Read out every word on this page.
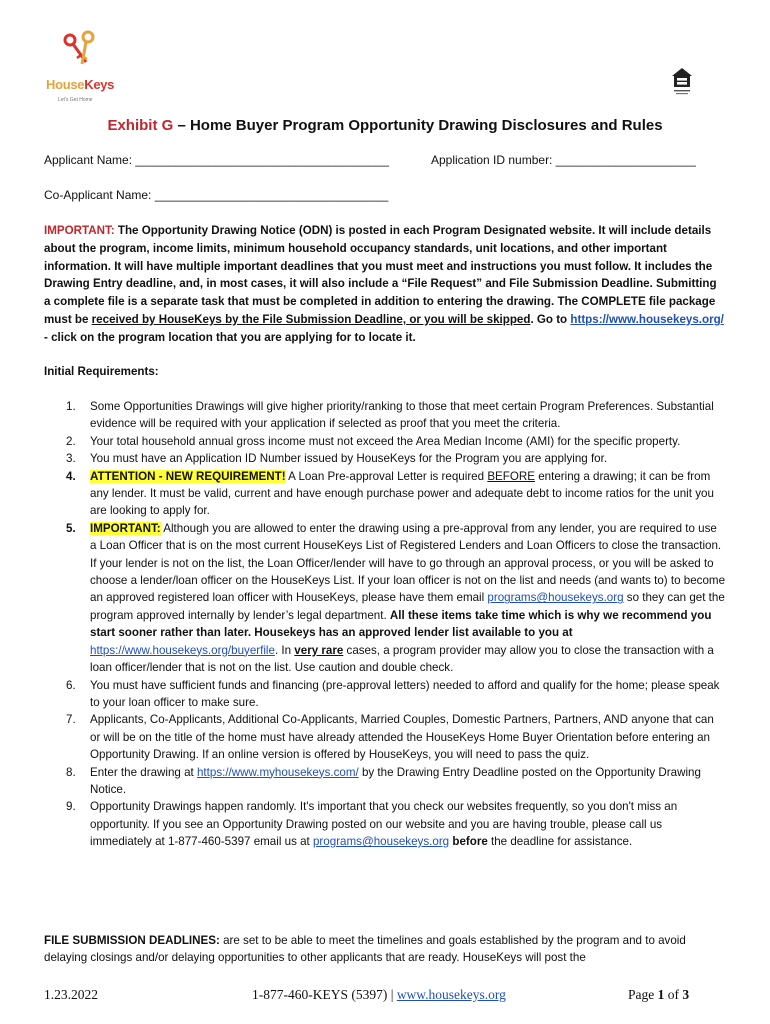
HouseKeys
Let's Get Home
Exhibit G – Home Buyer Program Opportunity Drawing Disclosures and Rules
Applicant Name: ______________________________________	Application ID number: _____________________
Co-Applicant Name: ___________________________________
IMPORTANT: The Opportunity Drawing Notice (ODN) is posted in each Program Designated website. It will include details about the program, income limits, minimum household occupancy standards, unit locations, and other important information. It will have multiple important deadlines that you must meet and instructions you must follow. It includes the Drawing Entry deadline, and, in most cases, it will also include a “File Request” and File Submission Deadline. Submitting a complete file is a separate task that must be completed in addition to entering the drawing. The COMPLETE file package must be received by HouseKeys by the File Submission Deadline, or you will be skipped. Go to https://www.housekeys.org/ - click on the program location that you are applying for to locate it.
Initial Requirements:
1. Some Opportunities Drawings will give higher priority/ranking to those that meet certain Program Preferences. Substantial evidence will be required with your application if selected as proof that you meet the criteria.
2. Your total household annual gross income must not exceed the Area Median Income (AMI) for the specific property.
3. You must have an Application ID Number issued by HouseKeys for the Program you are applying for.
4. ATTENTION - NEW REQUIREMENT! A Loan Pre-approval Letter is required BEFORE entering a drawing; it can be from any lender. It must be valid, current and have enough purchase power and adequate debt to income ratios for the unit you are looking to apply for.
5. IMPORTANT: Although you are allowed to enter the drawing using a pre-approval from any lender, you are required to use a Loan Officer that is on the most current HouseKeys List of Registered Lenders and Loan Officers to close the transaction. If your lender is not on the list, the Loan Officer/lender will have to go through an approval process, or you will be asked to choose a lender/loan officer on the HouseKeys List. If your loan officer is not on the list and needs (and wants to) to become an approved registered loan officer with HouseKeys, please have them email programs@housekeys.org so they can get the program approved internally by lender’s legal department. All these items take time which is why we recommend you start sooner rather than later. Housekeys has an approved lender list available to you at https://www.housekeys.org/buyerfile. In very rare cases, a program provider may allow you to close the transaction with a loan officer/lender that is not on the list. Use caution and double check.
6. You must have sufficient funds and financing (pre-approval letters) needed to afford and qualify for the home; please speak to your loan officer to make sure.
7. Applicants, Co-Applicants, Additional Co-Applicants, Married Couples, Domestic Partners, Partners, AND anyone that can or will be on the title of the home must have already attended the HouseKeys Home Buyer Orientation before entering an Opportunity Drawing. If an online version is offered by HouseKeys, you will need to pass the quiz.
8. Enter the drawing at https://www.myhousekeys.com/ by the Drawing Entry Deadline posted on the Opportunity Drawing Notice.
9. Opportunity Drawings happen randomly. It's important that you check our websites frequently, so you don't miss an opportunity. If you see an Opportunity Drawing posted on our website and you are having trouble, please call us immediately at 1-877-460-5397 email us at programs@housekeys.org before the deadline for assistance.
FILE SUBMISSION DEADLINES: are set to be able to meet the timelines and goals established by the program and to avoid delaying closings and/or delaying opportunities to other applicants that are ready. HouseKeys will post the
1.23.2022	1-877-460-KEYS (5397) | www.housekeys.org	Page 1 of 3
